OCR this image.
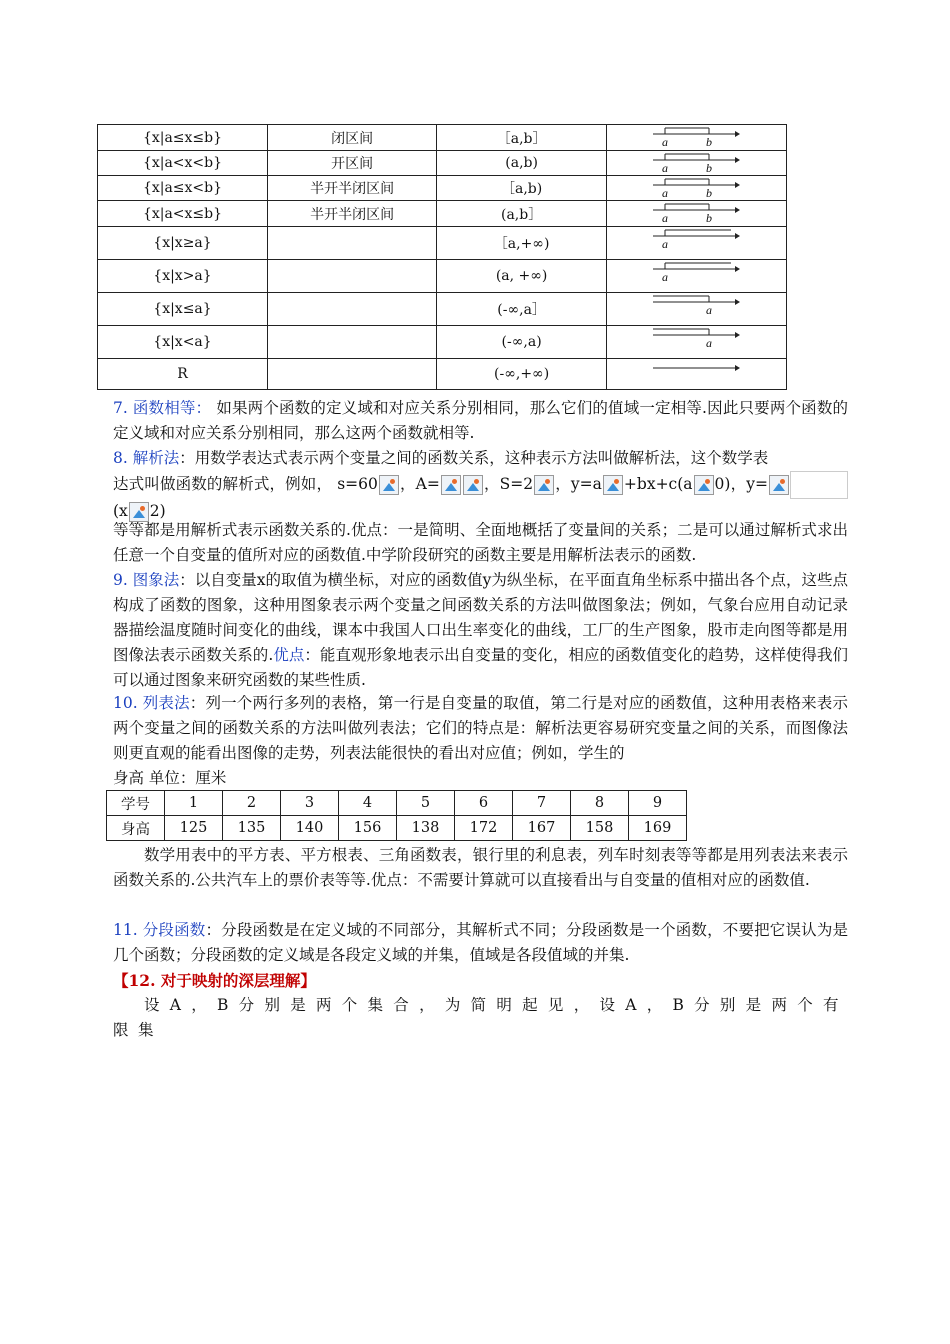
{x|a≤x≤b}	闭区间	［a,b］	a b

{x|a<x<b}	开区间	(a,b)	a b

{x|a≤x<b}	半开半闭区间	［a,b)	a b

{x|a<x≤b}	半开半闭区间	(a,b］	a b

{x|x≥a}		［a,+∞)	a

{x|x>a}		(a, +∞)	a

{x|x≤a}		(-∞,a］	a

{x|x<a}		(-∞,a)	a

R		(-∞,+∞)	
7. 函数相等： 如果两个函数的定义域和对应关系分别相同，那么它们的值域一定相等.因此只要两个函数的定义域和对应关系分别相同，那么这两个函数就相等.
8. 解析法：用数学表达式表示两个变量之间的函数关系，这种表示方法叫做解析法，这个数学表
达式叫做函数的解析式，例如， s=60 ，A=	，S=2 ，y=a +bx+c(a 0)，y=(x 2)
等等都是用解析式表示函数关系的.优点：一是简明、全面地概括了变量间的关系；二是可以通过解析式求出任意一个自变量的值所对应的函数值.中学阶段研究的函数主要是用解析法表示的函数.
9. 图象法：以自变量x的取值为横坐标，对应的函数值y为纵坐标，在平面直角坐标系中描出各个点，这些点构成了函数的图象，这种用图象表示两个变量之间函数关系的方法叫做图象法；例如，气象台应用自动记录器描绘温度随时间变化的曲线，课本中我国人口出生率变化的曲线，工厂的生产图象，股市走向图等都是用图像法表示函数关系的.优点：能直观形象地表示出自变量的变化，相应的函数值变化的趋势，这样使得我们可以通过图象来研究函数的某些性质.
10. 列表法：列一个两行多列的表格，第一行是自变量的取值，第二行是对应的函数值，这种用表格来表示两个变量之间的函数关系的方法叫做列表法；它们的特点是：解析法更容易研究变量之间的关系，而图像法则更直观的能看出图像的走势，列表法能很快的看出对应值；例如，学生的
身高 单位：厘米
学号	1	2	3	4	5	6	7	8	9
身高	125	135	140	156	138	172	167	158	169
数学用表中的平方表、平方根表、三角函数表，银行里的利息表，列车时刻表等等都是用列表法来表示函数关系的.公共汽车上的票价表等等.优点：不需要计算就可以直接看出与自变量的值相对应的函数值.
11. 分段函数：分段函数是在定义域的不同部分，其解析式不同；分段函数是一个函数，不要把它误认为是几个函数；分段函数的定义域是各段定义域的并集，值域是各段值域的并集.
【12. 对于映射的深层理解】
设A，B分别是两个集合，为简明起见，设A，B分别是两个有限集
